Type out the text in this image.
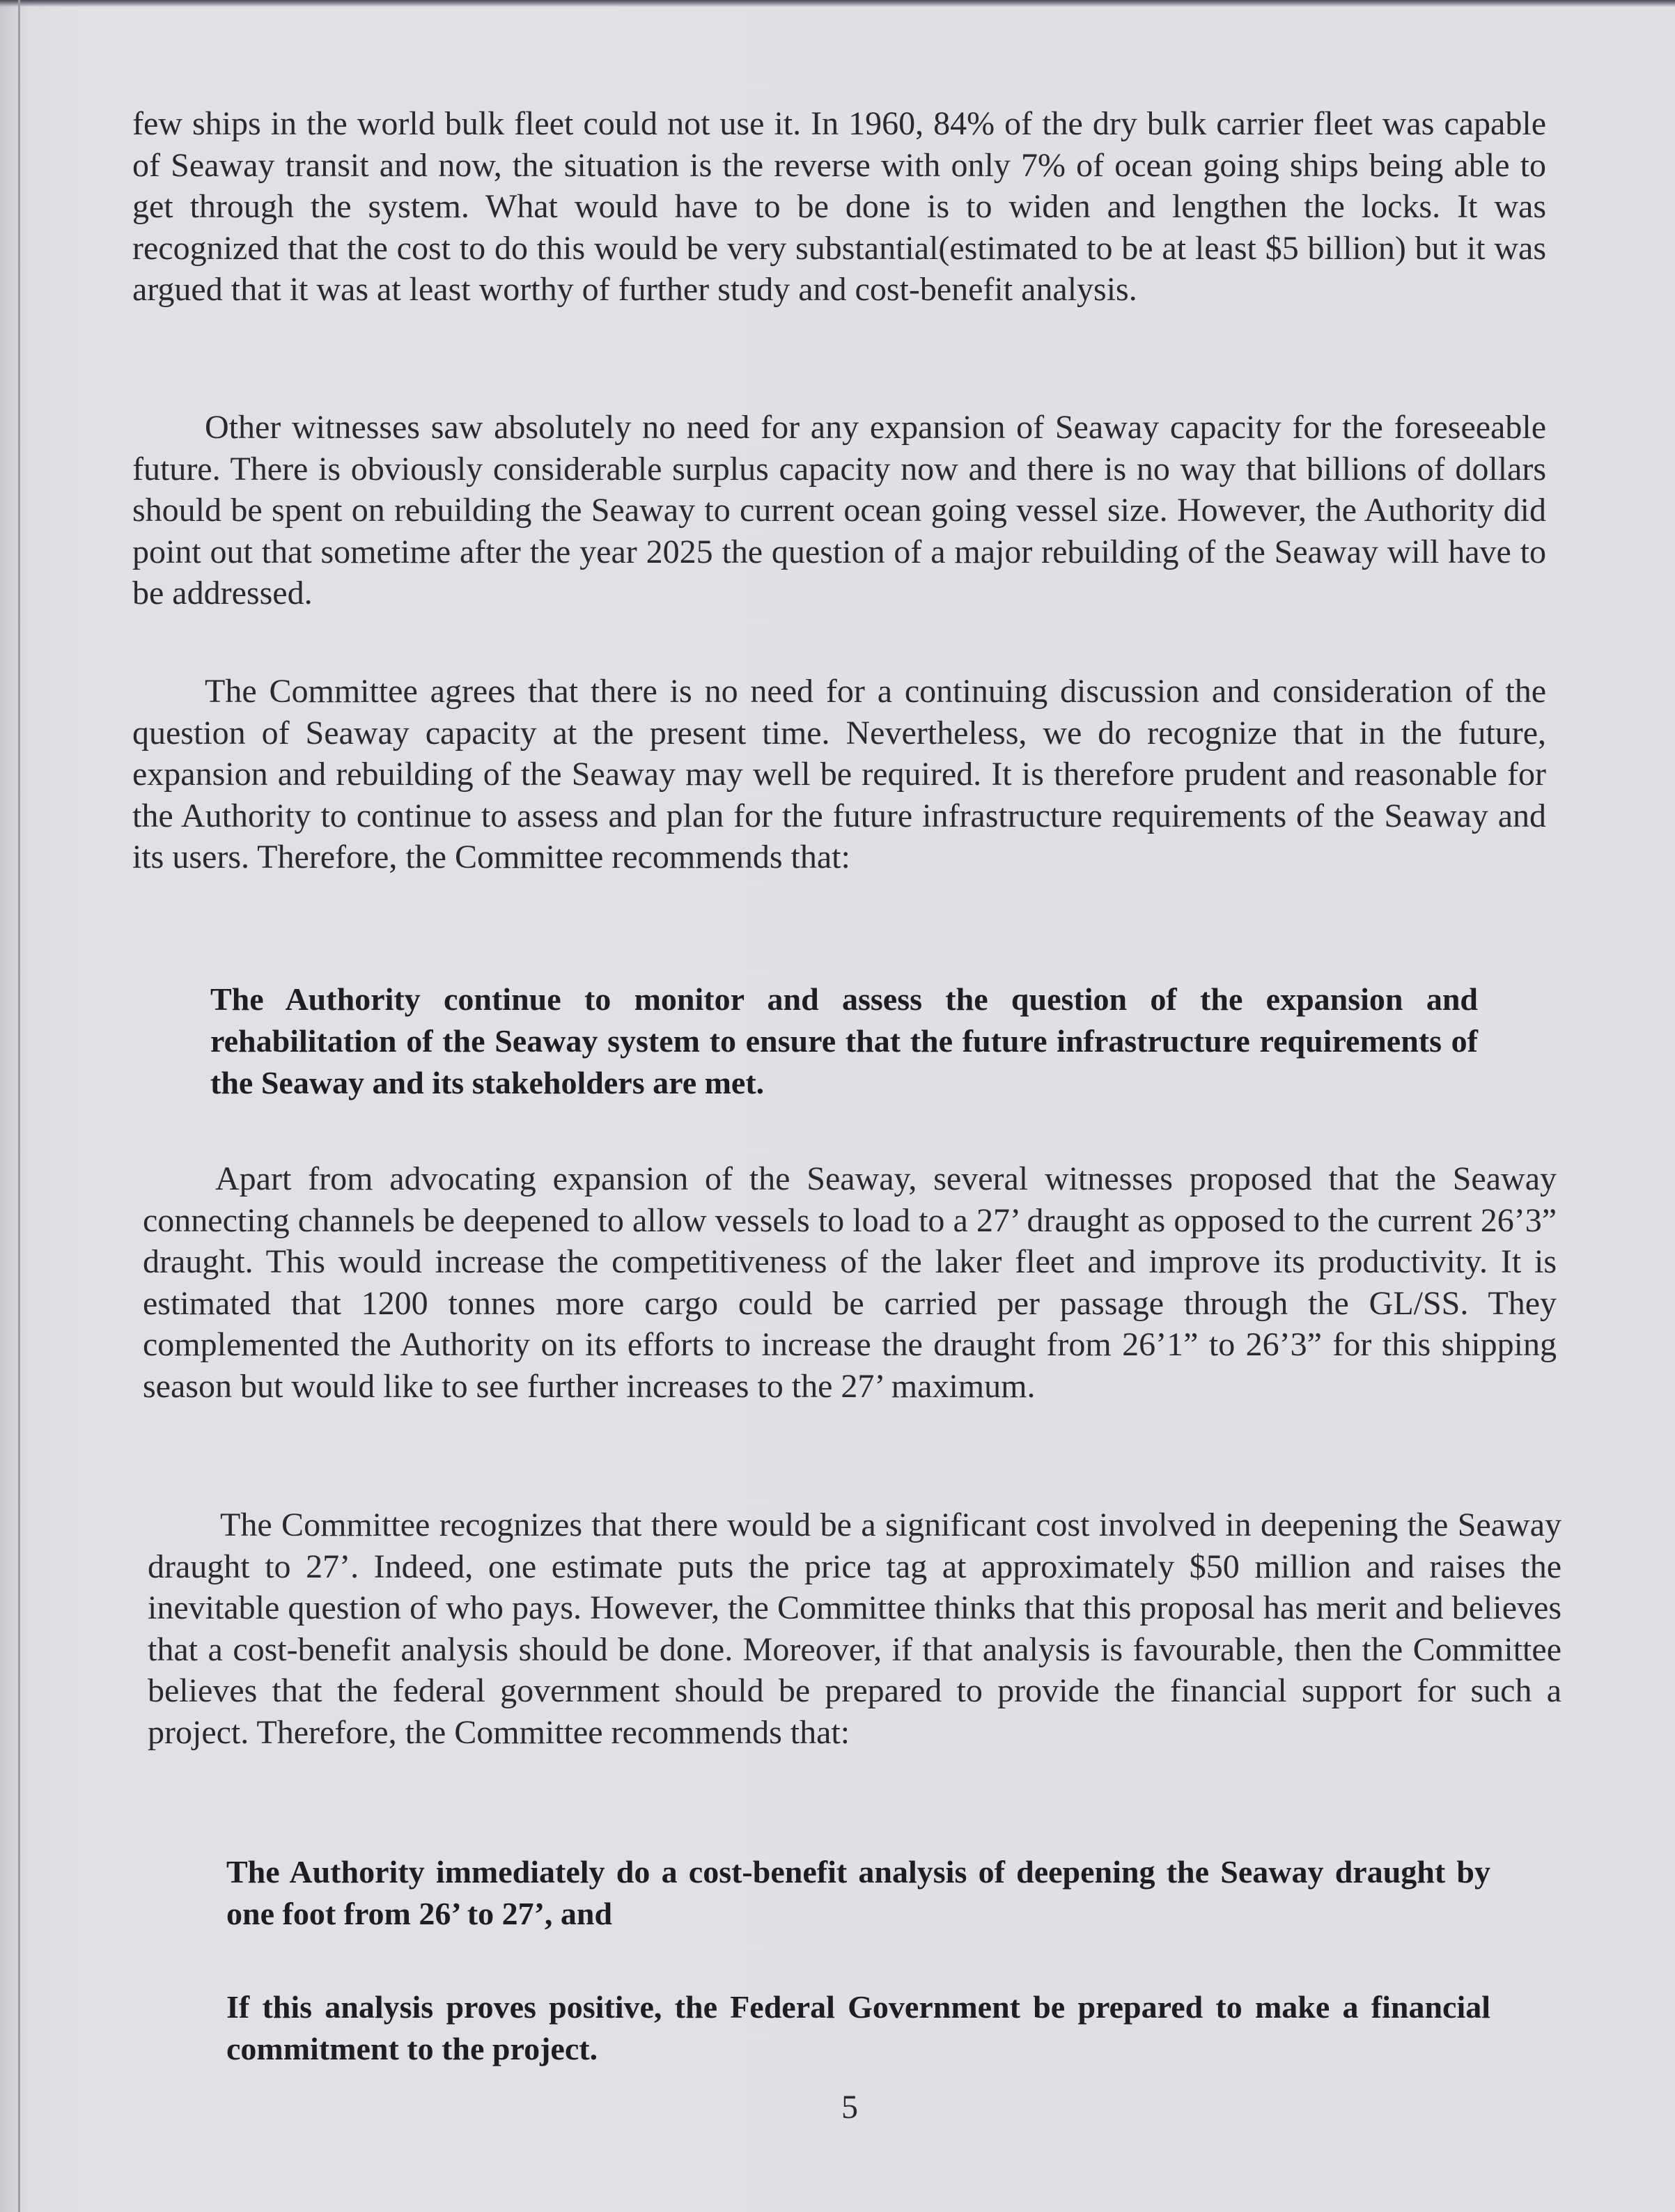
few ships in the world bulk fleet could not use it. In 1960, 84% of the dry bulk carrier fleet was capable of Seaway transit and now, the situation is the reverse with only 7% of ocean going ships being able to get through the system. What would have to be done is to widen and lengthen the locks. It was recognized that the cost to do this would be very substantial(estimated to be at least $5 billion) but it was argued that it was at least worthy of further study and cost-benefit analysis.

Other witnesses saw absolutely no need for any expansion of Seaway capacity for the foreseeable future. There is obviously considerable surplus capacity now and there is no way that billions of dollars should be spent on rebuilding the Seaway to current ocean going vessel size. However, the Authority did point out that sometime after the year 2025 the question of a major rebuilding of the Seaway will have to be addressed.

The Committee agrees that there is no need for a continuing discussion and consideration of the question of Seaway capacity at the present time. Nevertheless, we do recognize that in the future, expansion and rebuilding of the Seaway may well be required. It is therefore prudent and reasonable for the Authority to continue to assess and plan for the future infrastructure requirements of the Seaway and its users. Therefore, the Committee recommends that:

The Authority continue to monitor and assess the question of the expansion and rehabilitation of the Seaway system to ensure that the future infrastructure requirements of the Seaway and its stakeholders are met.

Apart from advocating expansion of the Seaway, several witnesses proposed that the Seaway connecting channels be deepened to allow vessels to load to a 27’ draught as opposed to the current 26’3” draught. This would increase the competitiveness of the laker fleet and improve its productivity. It is estimated that 1200 tonnes more cargo could be carried per passage through the GL/SS. They complemented the Authority on its efforts to increase the draught from 26’1” to 26’3” for this shipping season but would like to see further increases to the 27’ maximum.

The Committee recognizes that there would be a significant cost involved in deepening the Seaway draught to 27’. Indeed, one estimate puts the price tag at approximately $50 million and raises the inevitable question of who pays. However, the Committee thinks that this proposal has merit and believes that a cost-benefit analysis should be done. Moreover, if that analysis is favourable, then the Committee believes that the federal government should be prepared to provide the financial support for such a project. Therefore, the Committee recommends that:

The Authority immediately do a cost-benefit analysis of deepening the Seaway draught by one foot from 26’ to 27’, and

If this analysis proves positive, the Federal Government be prepared to make a financial commitment to the project.

5
